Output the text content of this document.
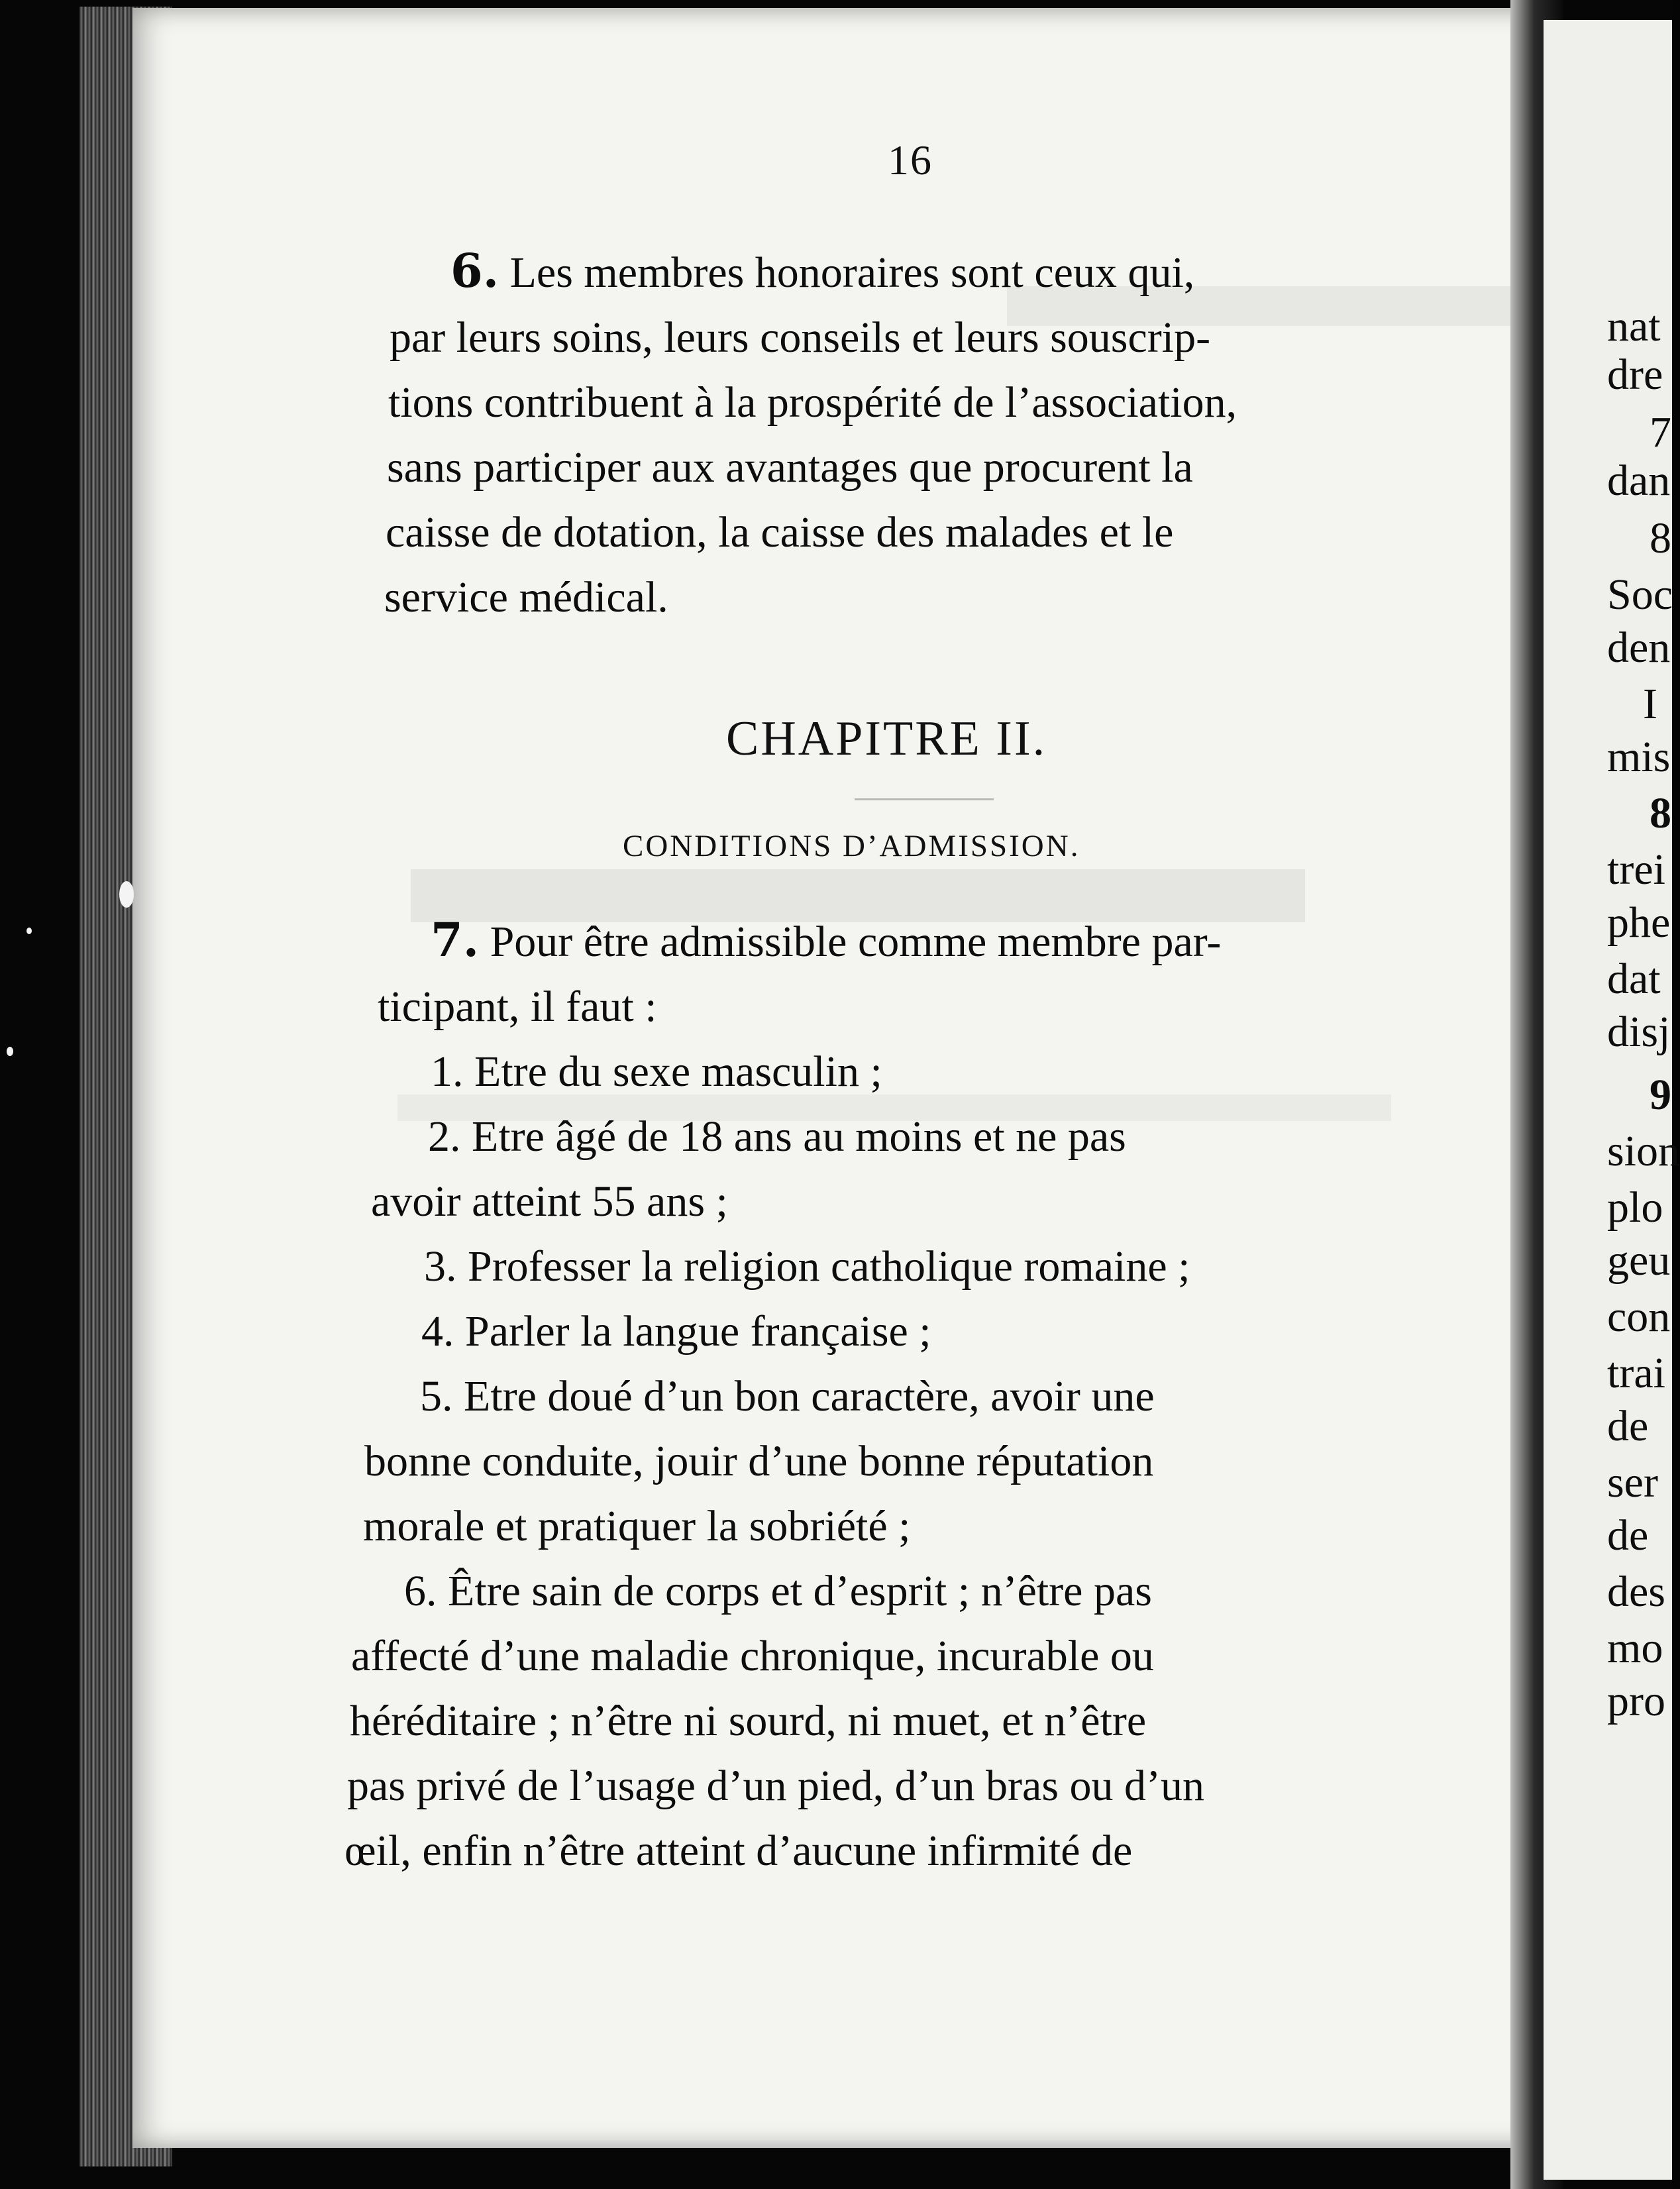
16
6. Les membres honoraires sont ceux qui,
par leurs soins, leurs conseils et leurs souscrip-
tions contribuent à la prospérité de l’association,
sans participer aux avantages que procurent la
caisse de dotation, la caisse des malades et le
service médical.
CHAPITRE II.
CONDITIONS D’ADMISSION.
7. Pour être admissible comme membre par-
ticipant, il faut :
1. Etre du sexe masculin ;
2. Etre âgé de 18 ans au moins et ne pas
avoir atteint 55 ans ;
3. Professer la religion catholique romaine ;
4. Parler la langue française ;
5. Etre doué d’un bon caractère, avoir une
bonne conduite, jouir d’une bonne réputation
morale et pratiquer la sobriété ;
6. Être sain de corps et d’esprit ; n’être pas
affecté d’une maladie chronique, incurable ou
héréditaire ; n’être ni sourd, ni muet, et n’être
pas privé de l’usage d’un pied, d’un bras ou d’un
œil, enfin n’être atteint d’aucune infirmité de
nat
dre
7
dan
8
Soc
den
I
mis
8
trei
phe
dat
disj
9
sion
plo
geu
con
trai
de
ser
de
des
mo
pro
